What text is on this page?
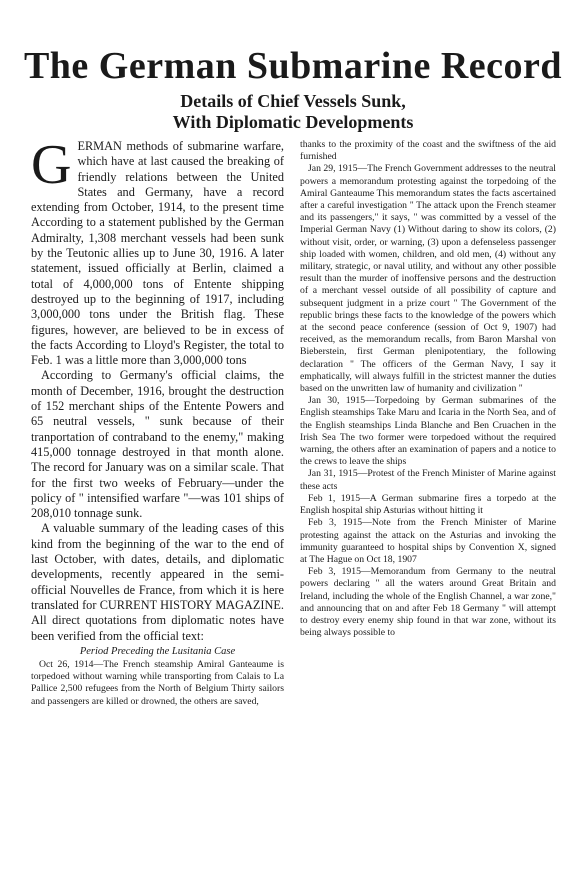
The German Submarine Record
Details of Chief Vessels Sunk,
With Diplomatic Developments

GERMAN methods of submarine warfare, which have at last caused the breaking of friendly relations between the United States and Germany, have a record extending from October, 1914, to the present time According to a statement published by the German Admiralty, 1,308 merchant vessels had been sunk by the Teutonic allies up to June 30, 1916. A later statement, issued officially at Berlin, claimed a total of 4,000,000 tons of Entente shipping destroyed up to the beginning of 1917, including 3,000,000 tons under the British flag. These figures, however, are believed to be in excess of the facts According to Lloyd's Register, the total to Feb. 1 was a little more than 3,000,000 tons

According to Germany's official claims, the month of December, 1916, brought the destruction of 152 merchant ships of the Entente Powers and 65 neutral vessels, " sunk because of their tranportation of contraband to the enemy," making 415,000 tonnage destroyed in that month alone. The record for January was on a similar scale. That for the first two weeks of February—under the policy of " intensified warfare "—was 101 ships of 208,010 tonnage sunk.

A valuable summary of the leading cases of this kind from the beginning of the war to the end of last October, with dates, details, and diplomatic developments, recently appeared in the semi-official Nouvelles de France, from which it is here translated for CURRENT HISTORY MAGAZINE. All direct quotations from diplomatic notes have been verified from the official text:

Period Preceding the Lusitania Case

Oct 26, 1914—The French steamship Amiral Ganteaume is torpedoed without warning while transporting from Calais to La Pallice 2,500 refugees from the North of Belgium Thirty sailors and passengers are killed or drowned, the others are saved,

thanks to the proximity of the coast and the swiftness of the aid furnished

Jan 29, 1915—The French Government addresses to the neutral powers a memorandum protesting against the torpedoing of the Amiral Ganteaume This memorandum states the facts ascertained after a careful investigation " The attack upon the French steamer and its passengers," it says, " was committed by a vessel of the Imperial German Navy (1) Without daring to show its colors, (2) without visit, order, or warning, (3) upon a defenseless passenger ship loaded with women, children, and old men, (4) without any military, strategic, or naval utility, and without any other possible result than the murder of inoffensive persons and the destruction of a merchant vessel outside of all possibility of capture and subsequent judgment in a prize court " The Government of the republic brings these facts to the knowledge of the powers which at the second peace conference (session of Oct 9, 1907) had received, as the memorandum recalls, from Baron Marshal von Bieberstein, first German plenipotentiary, the following declaration " The officers of the German Navy, I say it emphatically, will always fulfill in the strictest manner the duties based on the unwritten law of humanity and civilization "

Jan 30, 1915—Torpedoing by German submarines of the English steamships Take Maru and Icaria in the North Sea, and of the English steamships Linda Blanche and Ben Cruachen in the Irish Sea The two former were torpedoed without the required warning, the others after an examination of papers and a notice to the crews to leave the ships

Jan 31, 1915—Protest of the French Minister of Marine against these acts

Feb 1, 1915—A German submarine fires a torpedo at the English hospital ship Asturias without hitting it

Feb 3, 1915—Note from the French Minister of Marine protesting against the attack on the Asturias and invoking the immunity guaranteed to hospital ships by Convention X, signed at The Hague on Oct 18, 1907

Feb 3, 1915—Memorandum from Germany to the neutral powers declaring " all the waters around Great Britain and Ireland, including the whole of the English Channel, a war zone," and announcing that on and after Feb 18 Germany " will attempt to destroy every enemy ship found in that war zone, without its being always possible to
